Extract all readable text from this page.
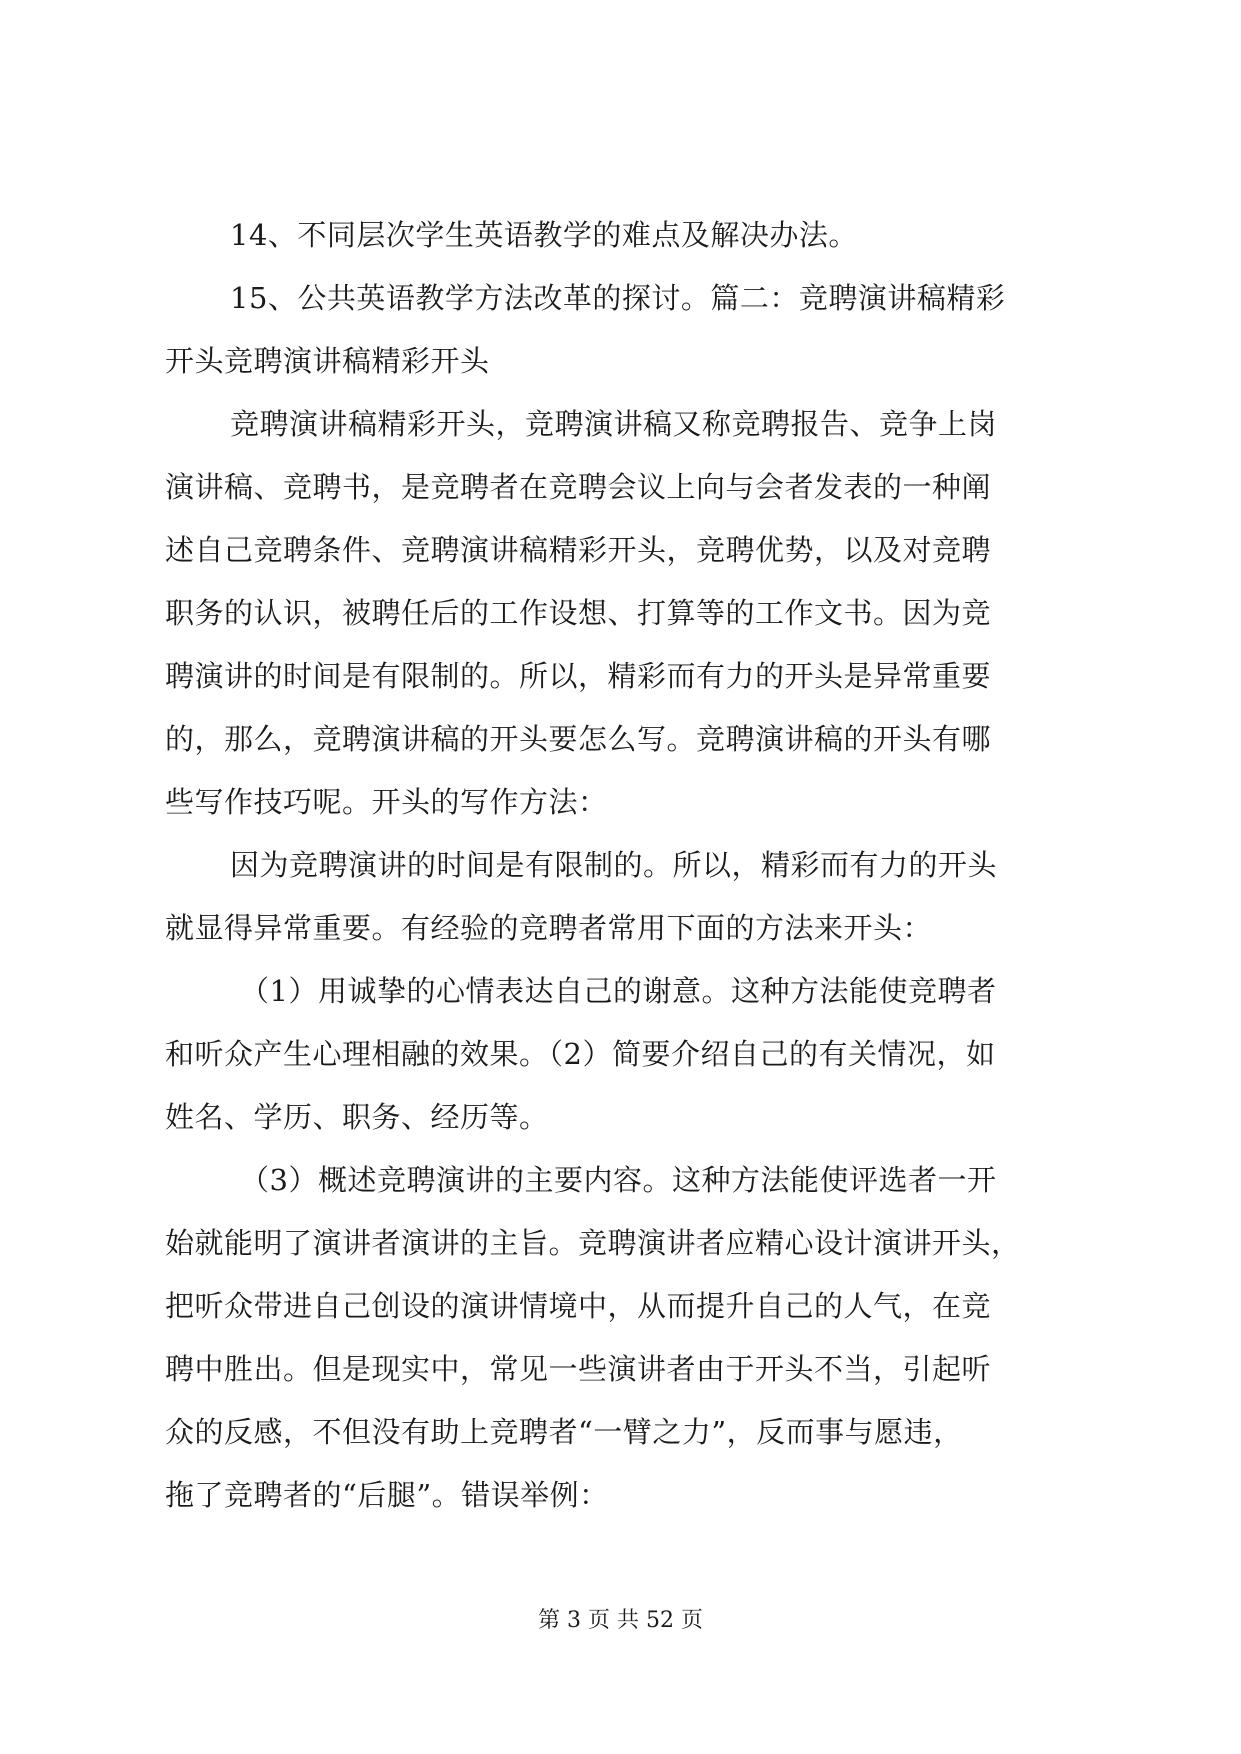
14、不同层次学生英语教学的难点及解决办法。
15、公共英语教学方法改革的探讨。篇二：竞聘演讲稿精彩
开头竞聘演讲稿精彩开头
竞聘演讲稿精彩开头，竞聘演讲稿又称竞聘报告、竞争上岗
演讲稿、竞聘书，是竞聘者在竞聘会议上向与会者发表的一种阐
述自己竞聘条件、竞聘演讲稿精彩开头，竞聘优势，以及对竞聘
职务的认识，被聘任后的工作设想、打算等的工作文书。因为竞
聘演讲的时间是有限制的。所以，精彩而有力的开头是异常重要
的，那么，竞聘演讲稿的开头要怎么写。竞聘演讲稿的开头有哪
些写作技巧呢。开头的写作方法：
因为竞聘演讲的时间是有限制的。所以，精彩而有力的开头
就显得异常重要。有经验的竞聘者常用下面的方法来开头：
（1）用诚挚的心情表达自己的谢意。这种方法能使竞聘者
和听众产生心理相融的效果。（2）简要介绍自己的有关情况，如
姓名、学历、职务、经历等。
（3）概述竞聘演讲的主要内容。这种方法能使评选者一开
始就能明了演讲者演讲的主旨。竞聘演讲者应精心设计演讲开头，
把听众带进自己创设的演讲情境中，从而提升自己的人气，在竞
聘中胜出。但是现实中，常见一些演讲者由于开头不当，引起听
众的反感，不但没有助上竞聘者“一臂之力”，反而事与愿违，
拖了竞聘者的“后腿”。错误举例：
第 3 页 共 52 页
